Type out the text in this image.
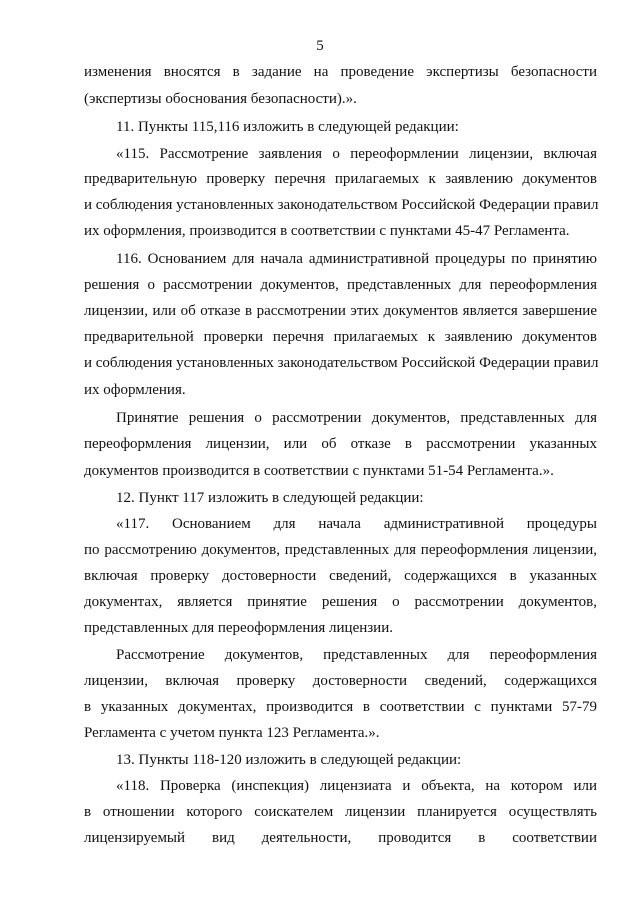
5
изменения вносятся в задание на проведение экспертизы безопасности
(экспертизы обоснования безопасности).».
11. Пункты 115,116 изложить в следующей редакции:
«115. Рассмотрение заявления о переоформлении лицензии, включая
предварительную проверку перечня прилагаемых к заявлению документов
и соблюдения установленных законодательством Российской Федерации правил
их оформления, производится в соответствии с пунктами 45-47 Регламента.
116. Основанием для начала административной процедуры по принятию
решения о рассмотрении документов, представленных для переоформления
лицензии, или об отказе в рассмотрении этих документов является завершение
предварительной проверки перечня прилагаемых к заявлению документов
и соблюдения установленных законодательством Российской Федерации правил
их оформления.
Принятие решения о рассмотрении документов, представленных для
переоформления лицензии, или об отказе в рассмотрении указанных
документов производится в соответствии с пунктами 51-54 Регламента.».
12. Пункт 117 изложить в следующей редакции:
«117. Основанием для начала административной процедуры
по рассмотрению документов, представленных для переоформления лицензии,
включая проверку достоверности сведений, содержащихся в указанных
документах, является принятие решения о рассмотрении документов,
представленных для переоформления лицензии.
Рассмотрение документов, представленных для переоформления
лицензии, включая проверку достоверности сведений, содержащихся
в указанных документах, производится в соответствии с пунктами 57-79
Регламента с учетом пункта 123 Регламента.».
13. Пункты 118-120 изложить в следующей редакции:
«118. Проверка (инспекция) лицензиата и объекта, на котором или
в отношении которого соискателем лицензии планируется осуществлять
лицензируемый вид деятельности, проводится в соответствии
